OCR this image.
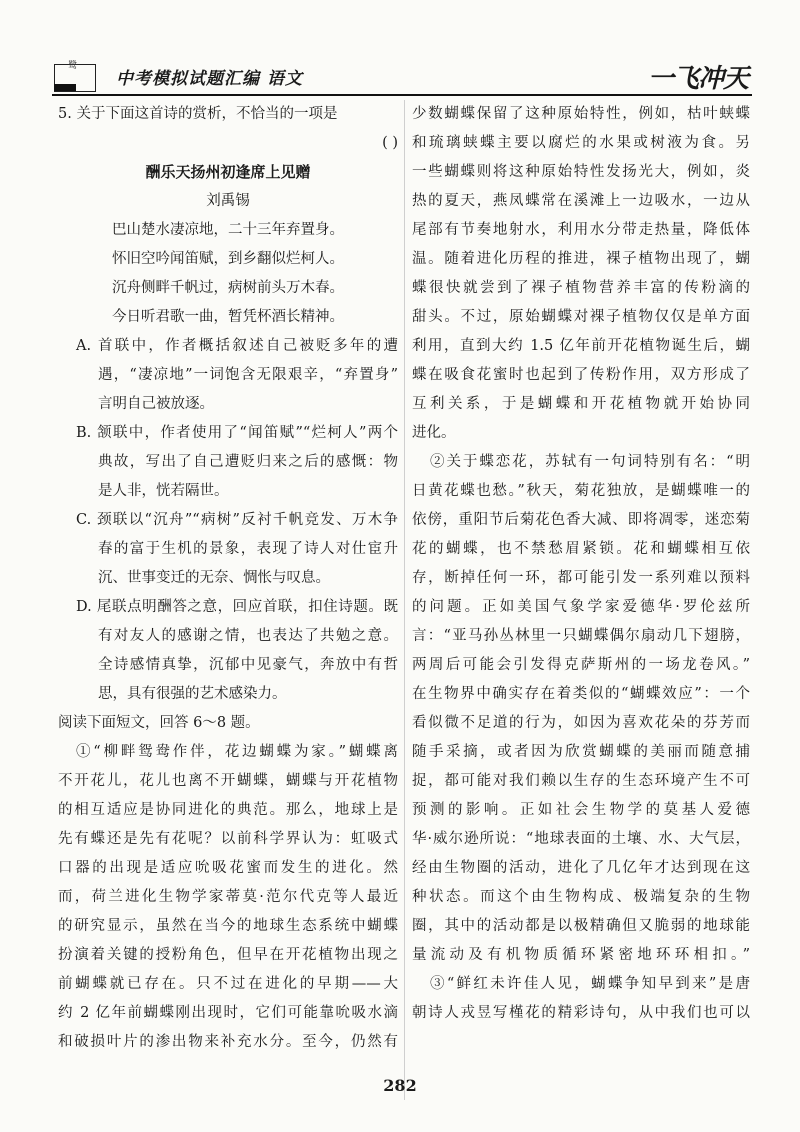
鹭
中考模拟试题汇编 语文	一飞冲天
5. 关于下面这首诗的赏析，不恰当的一项是
( )
酬乐天扬州初逢席上见赠
刘禹锡
巴山楚水凄凉地，二十三年弃置身。
怀旧空吟闻笛赋，到乡翻似烂柯人。
沉舟侧畔千帆过，病树前头万木春。
今日听君歌一曲，暂凭杯酒长精神。
A. 首联中，作者概括叙述自己被贬多年的遭
遇，“凄凉地”一词饱含无限艰辛，“弃置身”
言明自己被放逐。
B. 颔联中，作者使用了“闻笛赋”“烂柯人”两个
典故，写出了自己遭贬归来之后的感慨：物
是人非，恍若隔世。
C. 颈联以“沉舟”“病树”反衬千帆竞发、万木争
春的富于生机的景象，表现了诗人对仕宦升
沉、世事变迁的无奈、惆怅与叹息。
D. 尾联点明酬答之意，回应首联，扣住诗题。既
有对友人的感谢之情，也表达了共勉之意。
全诗感情真挚，沉郁中见豪气，奔放中有哲
思，具有很强的艺术感染力。
阅读下面短文，回答 6～8 题。
①“柳畔鸳鸯作伴，花边蝴蝶为家。”蝴蝶离
不开花儿，花儿也离不开蝴蝶，蝴蝶与开花植物
的相互适应是协同进化的典范。那么，地球上是
先有蝶还是先有花呢？以前科学界认为：虹吸式
口器的出现是适应吮吸花蜜而发生的进化。然
而，荷兰进化生物学家蒂莫·范尔代克等人最近
的研究显示，虽然在当今的地球生态系统中蝴蝶
扮演着关键的授粉角色，但早在开花植物出现之
前蝴蝶就已存在。只不过在进化的早期——大
约 2 亿年前蝴蝶刚出现时，它们可能靠吮吸水滴
和破损叶片的渗出物来补充水分。至今，仍然有
少数蝴蝶保留了这种原始特性，例如，枯叶蛱蝶
和琉璃蛱蝶主要以腐烂的水果或树液为食。另
一些蝴蝶则将这种原始特性发扬光大，例如，炎
热的夏天，燕凤蝶常在溪滩上一边吸水，一边从
尾部有节奏地射水，利用水分带走热量，降低体
温。随着进化历程的推进，裸子植物出现了，蝴
蝶很快就尝到了裸子植物营养丰富的传粉滴的
甜头。不过，原始蝴蝶对裸子植物仅仅是单方面
利用，直到大约 1.5 亿年前开花植物诞生后，蝴
蝶在吸食花蜜时也起到了传粉作用，双方形成了
互利关系，于是蝴蝶和开花植物就开始协同
进化。
②关于蝶恋花，苏轼有一句词特别有名：“明
日黄花蝶也愁。”秋天，菊花独放，是蝴蝶唯一的
依傍，重阳节后菊花色香大减、即将凋零，迷恋菊
花的蝴蝶，也不禁愁眉紧锁。花和蝴蝶相互依
存，断掉任何一环，都可能引发一系列难以预料
的问题。正如美国气象学家爱德华·罗伦兹所
言：“亚马孙丛林里一只蝴蝶偶尔扇动几下翅膀，
两周后可能会引发得克萨斯州的一场龙卷风。”
在生物界中确实存在着类似的“蝴蝶效应”：一个
看似微不足道的行为，如因为喜欢花朵的芬芳而
随手采摘，或者因为欣赏蝴蝶的美丽而随意捕
捉，都可能对我们赖以生存的生态环境产生不可
预测的影响。正如社会生物学的莫基人爱德
华·威尔逊所说：“地球表面的土壤、水、大气层，
经由生物圈的活动，进化了几亿年才达到现在这
种状态。而这个由生物构成、极端复杂的生物
圈，其中的活动都是以极精确但又脆弱的地球能
量流动及有机物质循环紧密地环环相扣。”
③“鲜红未许佳人见，蝴蝶争知早到来”是唐
朝诗人戎昱写槿花的精彩诗句，从中我们也可以
282
